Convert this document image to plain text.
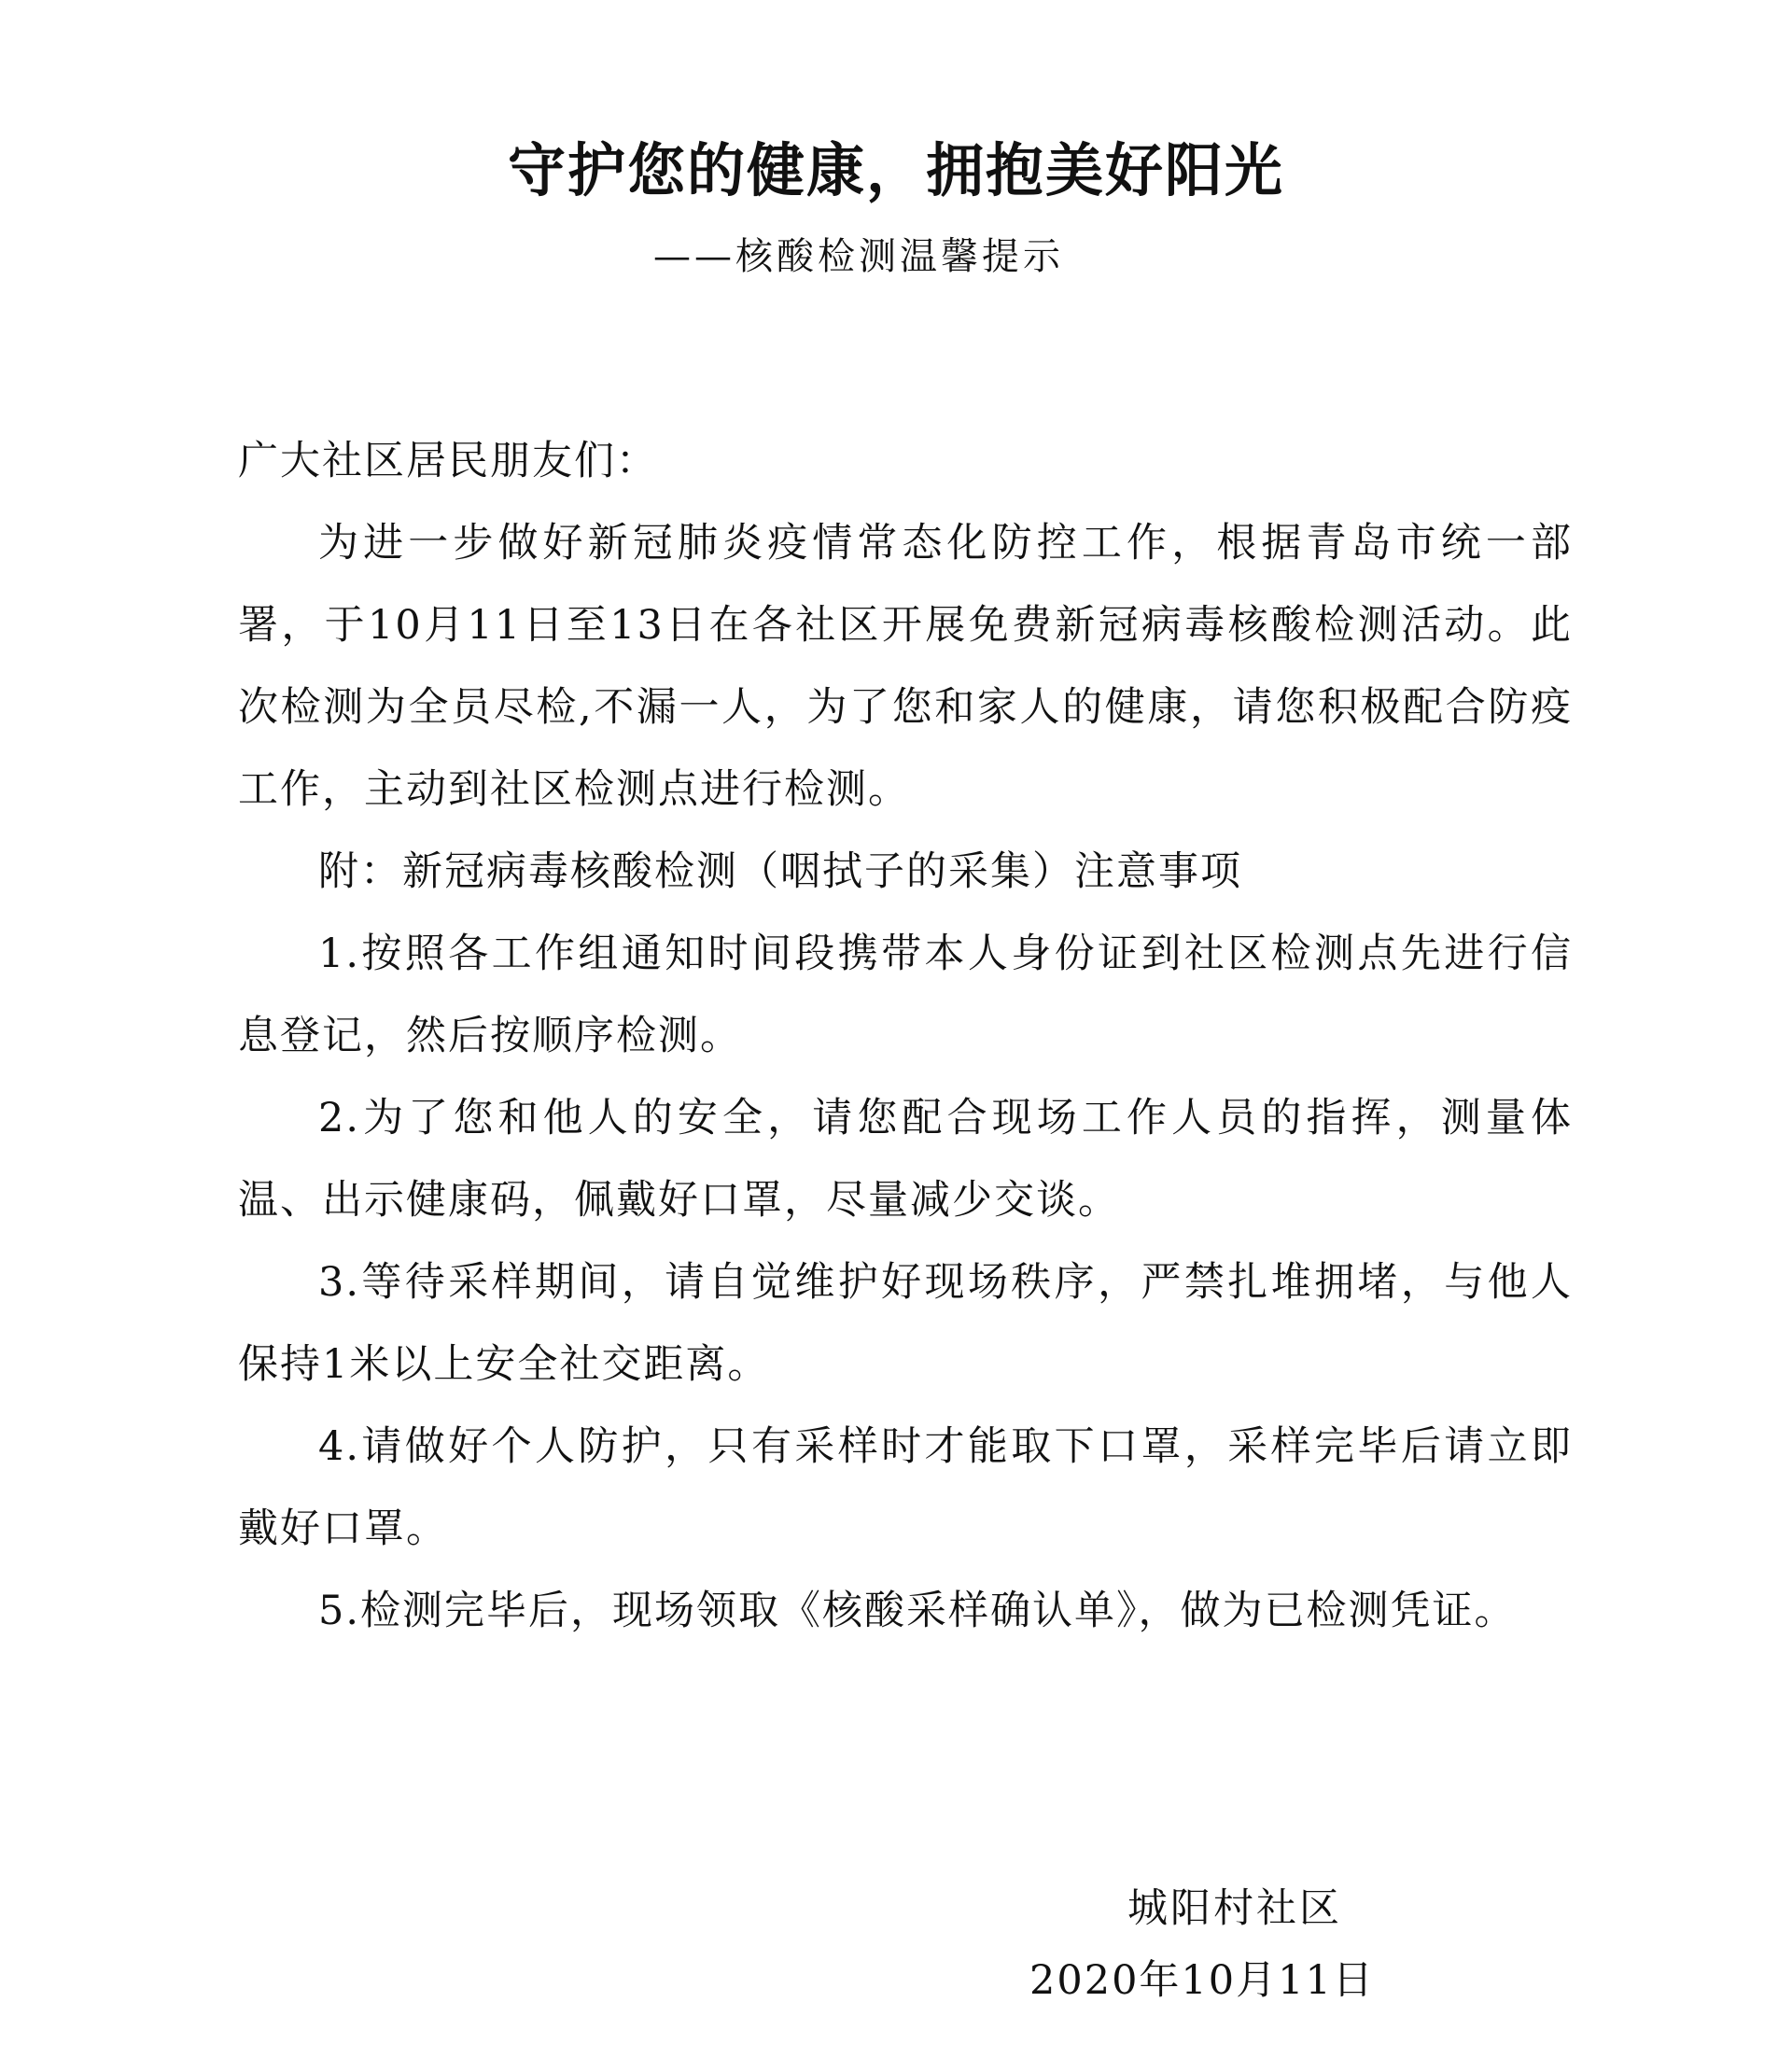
守护您的健康，拥抱美好阳光

——核酸检测温馨提示

广大社区居民朋友们：

为进一步做好新冠肺炎疫情常态化防控工作，根据青岛市统一部署，于10月11日至13日在各社区开展免费新冠病毒核酸检测活动。此次检测为全员尽检,不漏一人，为了您和家人的健康，请您积极配合防疫工作，主动到社区检测点进行检测。

附：新冠病毒核酸检测（咽拭子的采集）注意事项

1.按照各工作组通知时间段携带本人身份证到社区检测点先进行信息登记，然后按顺序检测。

2.为了您和他人的安全，请您配合现场工作人员的指挥，测量体温、出示健康码，佩戴好口罩，尽量减少交谈。

3.等待采样期间，请自觉维护好现场秩序，严禁扎堆拥堵，与他人保持1米以上安全社交距离。

4.请做好个人防护，只有采样时才能取下口罩，采样完毕后请立即戴好口罩。

5.检测完毕后，现场领取《核酸采样确认单》，做为已检测凭证。

城阳村社区

2020年10月11日
